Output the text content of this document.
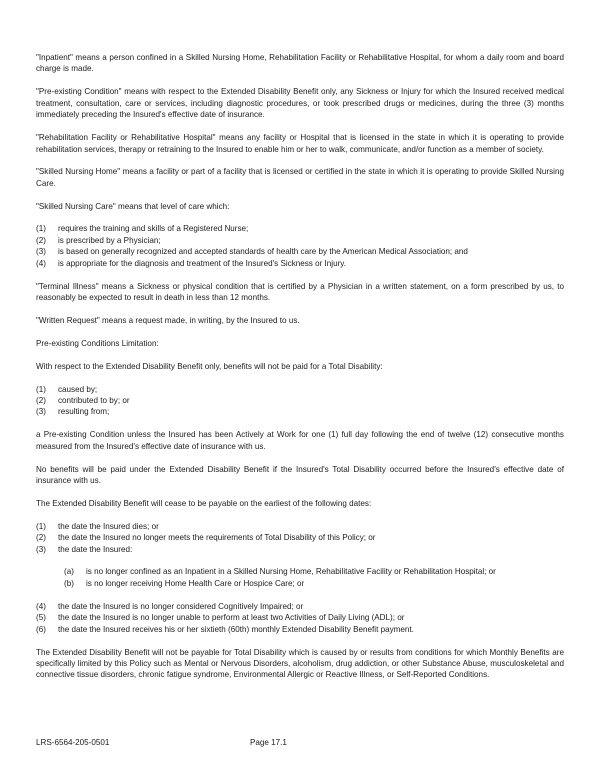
"Inpatient" means a person confined in a Skilled Nursing Home, Rehabilitation Facility or Rehabilitative Hospital, for whom a daily room and board charge is made.

"Pre-existing Condition" means with respect to the Extended Disability Benefit only, any Sickness or Injury for which the Insured received medical treatment, consultation, care or services, including diagnostic procedures, or took prescribed drugs or medicines, during the three (3) months immediately preceding the Insured's effective date of insurance.

"Rehabilitation Facility or Rehabilitative Hospital" means any facility or Hospital that is licensed in the state in which it is operating to provide rehabilitation services, therapy or retraining to the Insured to enable him or her to walk, communicate, and/or function as a member of society.

"Skilled Nursing Home" means a facility or part of a facility that is licensed or certified in the state in which it is operating to provide Skilled Nursing Care.

"Skilled Nursing Care" means that level of care which:

(1)	requires the training and skills of a Registered Nurse;
(2)	is prescribed by a Physician;
(3)	is based on generally recognized and accepted standards of health care by the American Medical Association; and
(4)	is appropriate for the diagnosis and treatment of the Insured's Sickness or Injury.

"Terminal Illness" means a Sickness or physical condition that is certified by a Physician in a written statement, on a form prescribed by us, to reasonably be expected to result in death in less than 12 months.

"Written Request" means a request made, in writing, by the Insured to us.

Pre-existing Conditions Limitation:

With respect to the Extended Disability Benefit only, benefits will not be paid for a Total Disability:

(1)	caused by;
(2)	contributed to by; or
(3)	resulting from;

a Pre-existing Condition unless the Insured has been Actively at Work for one (1) full day following the end of twelve (12) consecutive months measured from the Insured's effective date of insurance with us.

No benefits will be paid under the Extended Disability Benefit if the Insured's Total Disability occurred before the Insured's effective date of insurance with us.

The Extended Disability Benefit will cease to be payable on the earliest of the following dates:

(1)	the date the Insured dies; or
(2)	the date the Insured no longer meets the requirements of Total Disability of this Policy; or
(3)	the date the Insured:
(a)	is no longer confined as an Inpatient in a Skilled Nursing Home, Rehabilitative Facility or Rehabilitation Hospital; or
(b)	is no longer receiving Home Health Care or Hospice Care; or
(4)	the date the Insured is no longer considered Cognitively Impaired; or
(5)	the date the Insured is no longer unable to perform at least two Activities of Daily Living (ADL); or
(6)	the date the Insured receives his or her sixtieth (60th) monthly Extended Disability Benefit payment.

The Extended Disability Benefit will not be payable for Total Disability which is caused by or results from conditions for which Monthly Benefits are specifically limited by this Policy such as Mental or Nervous Disorders, alcoholism, drug addiction, or other Substance Abuse, musculoskeletal and connective tissue disorders, chronic fatigue syndrome, Environmental Allergic or Reactive Illness, or Self-Reported Conditions.

LRS-6564-205-0501	Page 17.1
